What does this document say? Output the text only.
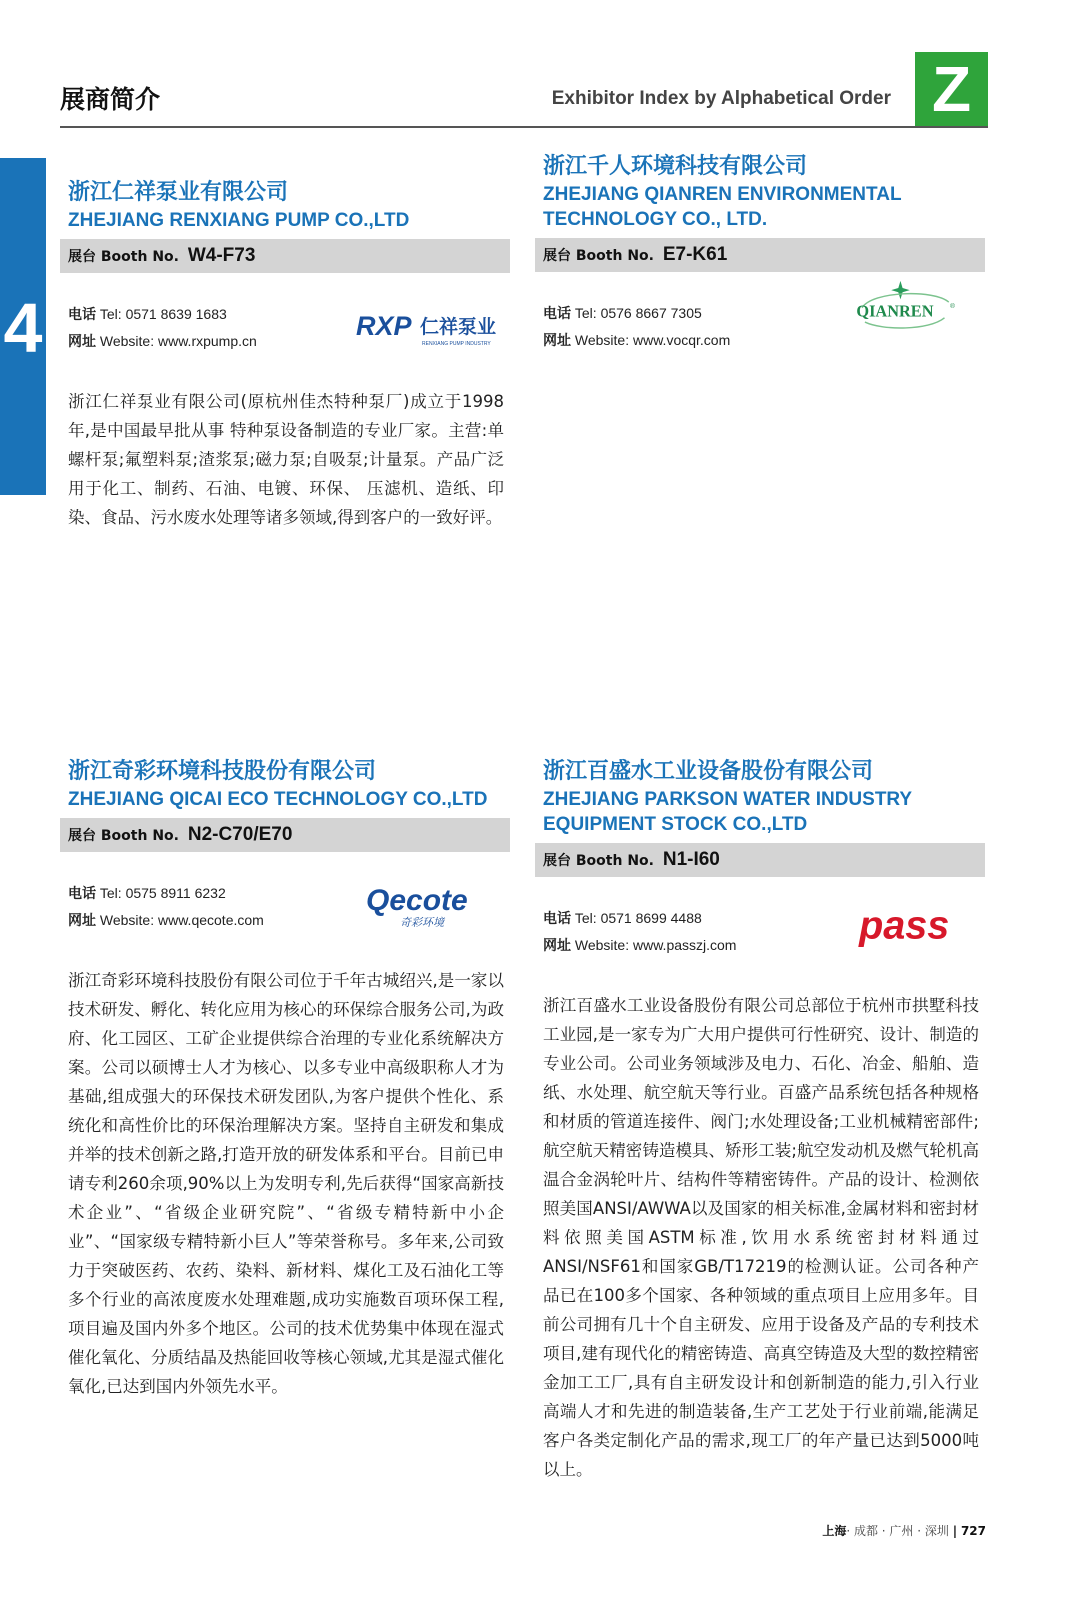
展商简介	Exhibitor Index by Alphabetical Order Z
4
浙江仁祥泵业有限公司
ZHEJIANG RENXIANG PUMP CO.,LTD
展台 Booth No. W4-F73
电话 Tel: 0571 8639 1683
网址 Website: www.rxpump.cn	RXP 仁祥泵业
RENXIANG PUMP INDUSTRY
浙江仁祥泵业有限公司(原杭州佳杰特种泵厂)成立于1998 年,是中国最早批从事 特种泵设备制造的专业厂家。主营:单螺杆泵;氟塑料泵;渣浆泵;磁力泵;自吸泵;计量泵。产品广泛用于化工、制药、石油、电镀、环保、 压滤机、造纸、印染、食品、污水废水处理等诸多领域,得到客户的一致好评。
浙江千人环境科技有限公司
ZHEJIANG QIANREN ENVIRONMENTAL TECHNOLOGY CO., LTD.
展台 Booth No. E7-K61
电话 Tel: 0576 8667 7305
网址 Website: www.vocqr.com
QIANREN ®
浙江奇彩环境科技股份有限公司
ZHEJIANG QICAI ECO TECHNOLOGY CO.,LTD
展台 Booth No. N2-C70/E70
电话 Tel: 0575 8911 6232
网址 Website: www.qecote.com
Qecote
奇彩环境
浙江奇彩环境科技股份有限公司位于千年古城绍兴,是一家以技术研发、孵化、转化应用为核心的环保综合服务公司,为政府、化工园区、工矿企业提供综合治理的专业化系统解决方案。公司以硕博士人才为核心、以多专业中高级职称人才为基础,组成强大的环保技术研发团队,为客户提供个性化、系统化和高性价比的环保治理解决方案。坚持自主研发和集成并举的技术创新之路,打造开放的研发体系和平台。目前已申请专利260余项,90%以上为发明专利,先后获得“国家高新技术企业”、“省级企业研究院”、“省级专精特新中小企业”、“国家级专精特新小巨人”等荣誉称号。多年来,公司致力于突破医药、农药、染料、新材料、煤化工及石油化工等多个行业的高浓度废水处理难题,成功实施数百项环保工程,项目遍及国内外多个地区。公司的技术优势集中体现在湿式催化氧化、分质结晶及热能回收等核心领域,尤其是湿式催化氧化,已达到国内外领先水平。
浙江百盛水工业设备股份有限公司
ZHEJIANG PARKSON WATER INDUSTRY EQUIPMENT STOCK CO.,LTD
展台 Booth No. N1-I60
电话 Tel: 0571 8699 4488
网址 Website: www.passzj.com	pass
浙江百盛水工业设备股份有限公司总部位于杭州市拱墅科技工业园,是一家专为广大用户提供可行性研究、设计、制造的专业公司。公司业务领域涉及电力、石化、冶金、船舶、造纸、水处理、航空航天等行业。百盛产品系统包括各种规格和材质的管道连接件、阀门;水处理设备;工业机械精密部件;航空航天精密铸造模具、矫形工装;航空发动机及燃气轮机高温合金涡轮叶片、结构件等精密铸件。产品的设计、检测依照美国ANSI/AWWA以及国家的相关标准,金属材料和密封材料依照美国ASTM标准,饮用水系统密封材料通过ANSI/NSF61和国家GB/T17219的检测认证。公司各种产品已在100多个国家、各种领域的重点项目上应用多年。目前公司拥有几十个自主研发、应用于设备及产品的专利技术项目,建有现代化的精密铸造、高真空铸造及大型的数控精密金加工工厂,具有自主研发设计和创新制造的能力,引入行业高端人才和先进的制造装备,生产工艺处于行业前端,能满足客户各类定制化产品的需求,现工厂的年产量已达到5000吨以上。
上海· 成都 · 广州 · 深圳 | 727
